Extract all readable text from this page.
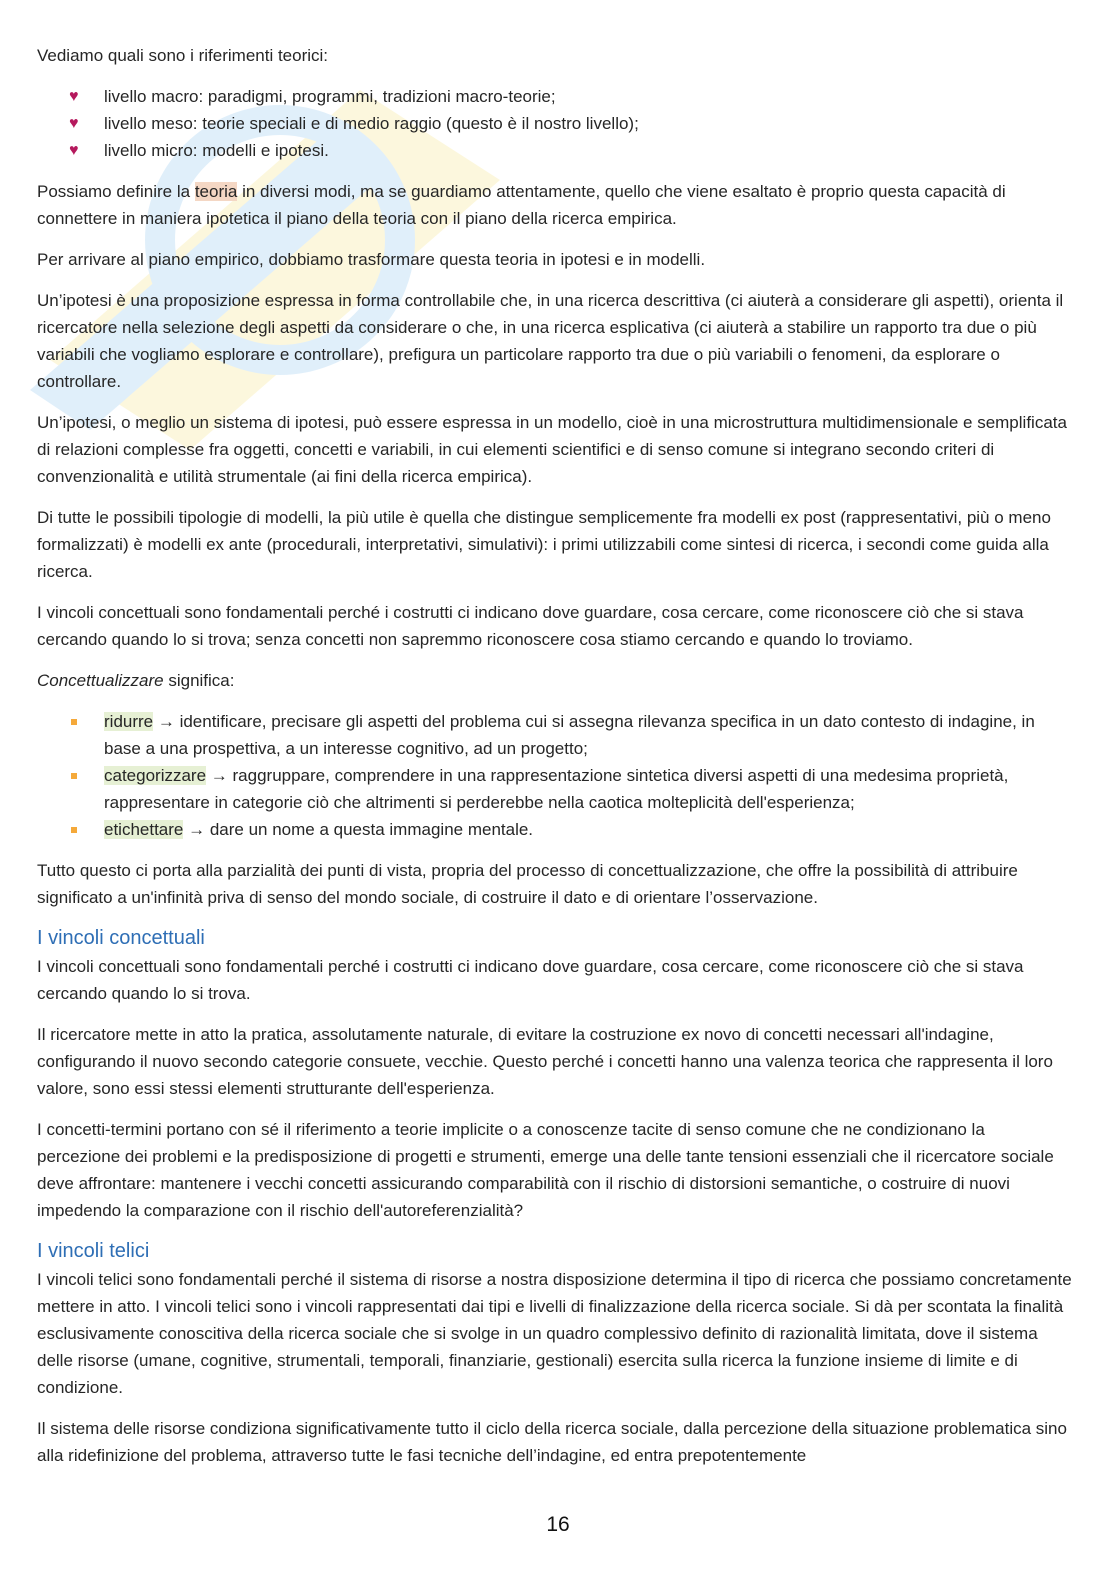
Vediamo quali sono i riferimenti teorici:

♥ livello macro: paradigmi, programmi, tradizioni macro-teorie;
♥ livello meso: teorie speciali e di medio raggio (questo è il nostro livello);
♥ livello micro: modelli e ipotesi.

Possiamo definire la teoria in diversi modi, ma se guardiamo attentamente, quello che viene esaltato è proprio questa capacità di connettere in maniera ipotetica il piano della teoria con il piano della ricerca empirica.

Per arrivare al piano empirico, dobbiamo trasformare questa teoria in ipotesi e in modelli.

Un’ipotesi è una proposizione espressa in forma controllabile che, in una ricerca descrittiva (ci aiuterà a considerare gli aspetti), orienta il ricercatore nella selezione degli aspetti da considerare o che, in una ricerca esplicativa (ci aiuterà a stabilire un rapporto tra due o più variabili che vogliamo esplorare e controllare), prefigura un particolare rapporto tra due o più variabili o fenomeni, da esplorare o controllare.

Un’ipotesi, o meglio un sistema di ipotesi, può essere espressa in un modello, cioè in una microstruttura multidimensionale e semplificata di relazioni complesse fra oggetti, concetti e variabili, in cui elementi scientifici e di senso comune si integrano secondo criteri di convenzionalità e utilità strumentale (ai fini della ricerca empirica).

Di tutte le possibili tipologie di modelli, la più utile è quella che distingue semplicemente fra modelli ex post (rappresentativi, più o meno formalizzati) è modelli ex ante (procedurali, interpretativi, simulativi): i primi utilizzabili come sintesi di ricerca, i secondi come guida alla ricerca.

I vincoli concettuali sono fondamentali perché i costrutti ci indicano dove guardare, cosa cercare, come riconoscere ciò che si stava cercando quando lo si trova; senza concetti non sapremmo riconoscere cosa stiamo cercando e quando lo troviamo.

Concettualizzare significa:

ridurre → identificare, precisare gli aspetti del problema cui si assegna rilevanza specifica in un dato contesto di indagine, in base a una prospettiva, a un interesse cognitivo, ad un progetto;
categorizzare → raggruppare, comprendere in una rappresentazione sintetica diversi aspetti di una medesima proprietà, rappresentare in categorie ciò che altrimenti si perderebbe nella caotica molteplicità dell'esperienza;
etichettare → dare un nome a questa immagine mentale.

Tutto questo ci porta alla parzialità dei punti di vista, propria del processo di concettualizzazione, che offre la possibilità di attribuire significato a un'infinità priva di senso del mondo sociale, di costruire il dato e di orientare l’osservazione.

I vincoli concettuali

I vincoli concettuali sono fondamentali perché i costrutti ci indicano dove guardare, cosa cercare, come riconoscere ciò che si stava cercando quando lo si trova.

Il ricercatore mette in atto la pratica, assolutamente naturale, di evitare la costruzione ex novo di concetti necessari all'indagine, configurando il nuovo secondo categorie consuete, vecchie. Questo perché i concetti hanno una valenza teorica che rappresenta il loro valore, sono essi stessi elementi strutturante dell'esperienza.

I concetti-termini portano con sé il riferimento a teorie implicite o a conoscenze tacite di senso comune che ne condizionano la percezione dei problemi e la predisposizione di progetti e strumenti, emerge una delle tante tensioni essenziali che il ricercatore sociale deve affrontare: mantenere i vecchi concetti assicurando comparabilità con il rischio di distorsioni semantiche, o costruire di nuovi impedendo la comparazione con il rischio dell'autoreferenzialità?

I vincoli telici

I vincoli telici sono fondamentali perché il sistema di risorse a nostra disposizione determina il tipo di ricerca che possiamo concretamente mettere in atto. I vincoli telici sono i vincoli rappresentati dai tipi e livelli di finalizzazione della ricerca sociale. Si dà per scontata la finalità esclusivamente conoscitiva della ricerca sociale che si svolge in un quadro complessivo definito di razionalità limitata, dove il sistema delle risorse (umane, cognitive, strumentali, temporali, finanziarie, gestionali) esercita sulla ricerca la funzione insieme di limite e di condizione.

Il sistema delle risorse condiziona significativamente tutto il ciclo della ricerca sociale, dalla percezione della situazione problematica sino alla ridefinizione del problema, attraverso tutte le fasi tecniche dell’indagine, ed entra prepotentemente

16
